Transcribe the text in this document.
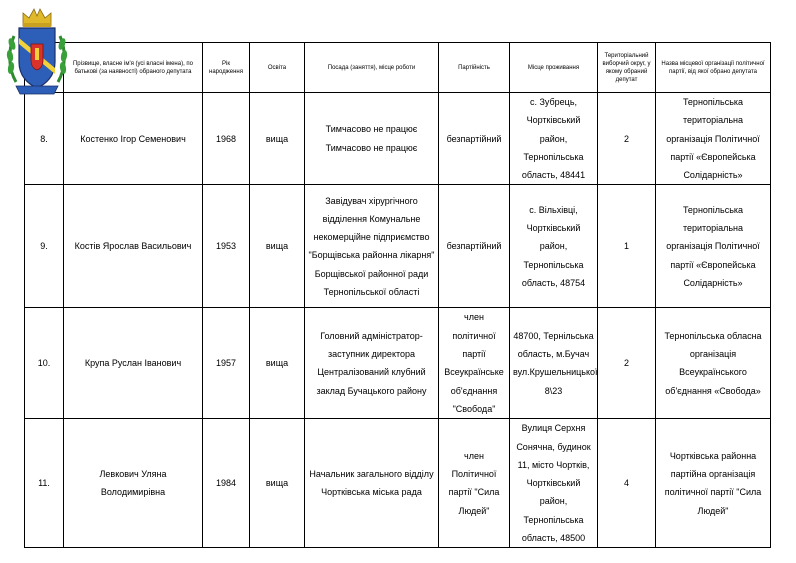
	Прізвище, власне ім'я (усі власні імена), по батькові (за наявності) обраного депутата	Рік народження	Освіта	Посада (заняття), місце роботи	Партійність	Місце проживання	Територіальний виборчий округ, у якому обраний депутат	Назва місцевої організації політичної партії, від якої обрано депутата
8.	Костенко Ігор Семенович	1968	вища	Тимчасово не працює Тимчасово не працює	безпартійний	с. Зубрець, Чортківський район, Тернопільська область, 48441	2	Тернопільська територіальна організація Політичної партії «Європейська Солідарність»
9.	Костів Ярослав Васильович	1953	вища	Завідувач хірургічного відділення Комунальне некомерційне підприємство "Борщівська районна лікарня" Борщівської районної ради Тернопільської області	безпартійний	с. Вільхівці, Чортківський район, Тернопільська область, 48754	1	Тернопільська територіальна організація Політичної партії «Європейська Солідарність»
10.	Крупа Руслан Іванович	1957	вища	Головний адміністратор-заступник директора Централізований клубний заклад Бучацького району	член політичної партії Всеукраїнське об'єднання "Свобода"	48700, Тернільська область, м.Бучач вул.Крушельницької 8\23	2	Тернопільська обласна організація Всеукраїнського об'єднання «Свобода»
11.	Левкович Уляна Володимирівна	1984	вища	Начальник загального відділу Чортківська міська рада	член Політичної партії "Сила Людей"	Вулиця Серхня Сонячна, будинок 11, місто Чортків, Чортківський район, Тернопільська область, 48500	4	Чортківська районна партійна організація політичної партії "Сила Людей"
